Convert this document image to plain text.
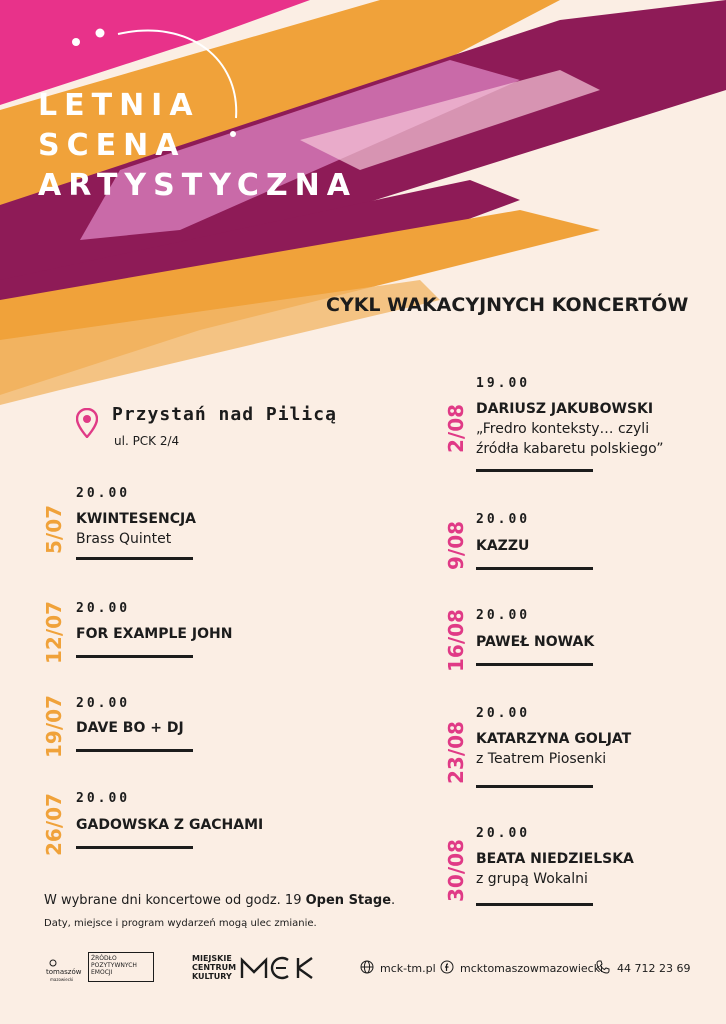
LETNIA
SCENA
ARTYSTYCZNA
CYKL WAKACYJNYCH KONCERTÓW
Przystań nad Pilicą
ul. PCK 2/4
5/07
20.00
KWINTESENCJA
Brass Quintet
12/07 20.00
FOR EXAMPLE JOHN
19/07 20.00
DAVE BO + DJ
26/07 20.00
GADOWSKA Z GACHAMI
2/08
19.00
DARIUSZ JAKUBOWSKI
„Fredro konteksty… czyli
źródła kabaretu polskiego”
9/08
20.00
KAZZU
16/08 20.00
PAWEŁ NOWAK
23/08
20.00
KATARZYNA GOLJAT
z Teatrem Piosenki
30/08
20.00
BEATA NIEDZIELSKA
z grupą Wokalni
W wybrane dni koncertowe od godz. 19 Open Stage.
Daty, miejsce i program wydarzeń mogą ulec zmianie.
tomaszów
mazowiecki
ŹRÓDŁO
POZYTYWNYCH
EMOCJI
MIEJSKIE
CENTRUM
KULTURY
mck-tm.pl mcktomaszowmazowiecki 44 712 23 69
